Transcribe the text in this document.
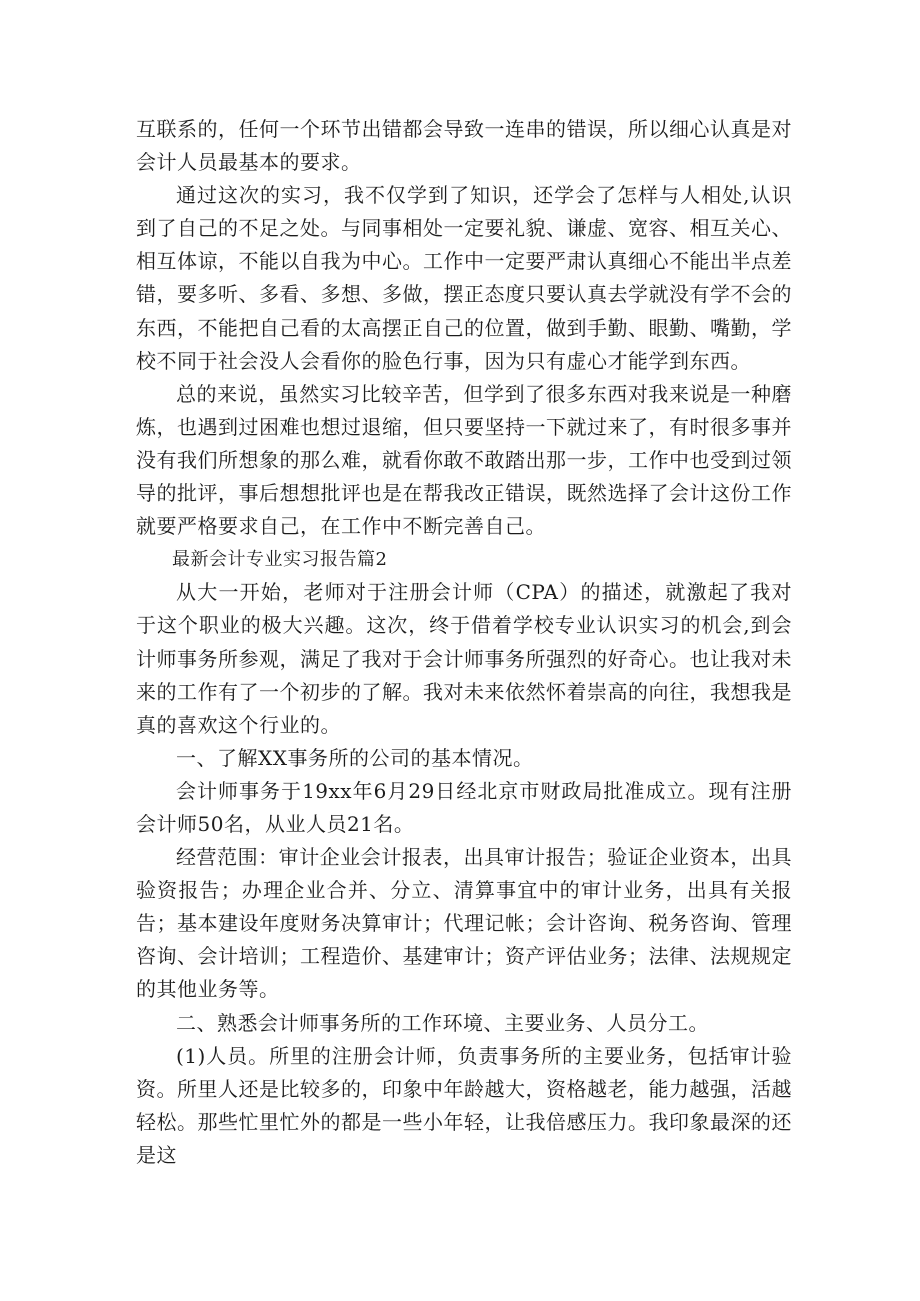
互联系的，任何一个环节出错都会导致一连串的错误，所以细心认真是对会计人员最基本的要求。

通过这次的实习，我不仅学到了知识，还学会了怎样与人相处,认识到了自己的不足之处。与同事相处一定要礼貌、谦虚、宽容、相互关心、相互体谅，不能以自我为中心。工作中一定要严肃认真细心不能出半点差错，要多听、多看、多想、多做，摆正态度只要认真去学就没有学不会的东西，不能把自己看的太高摆正自己的位置，做到手勤、眼勤、嘴勤，学校不同于社会没人会看你的脸色行事，因为只有虚心才能学到东西。

总的来说，虽然实习比较辛苦，但学到了很多东西对我来说是一种磨炼，也遇到过困难也想过退缩，但只要坚持一下就过来了，有时很多事并没有我们所想象的那么难，就看你敢不敢踏出那一步，工作中也受到过领导的批评，事后想想批评也是在帮我改正错误，既然选择了会计这份工作就要严格要求自己，在工作中不断完善自己。

最新会计专业实习报告篇2

从大一开始，老师对于注册会计师（CPA）的描述，就激起了我对于这个职业的极大兴趣。这次，终于借着学校专业认识实习的机会,到会计师事务所参观，满足了我对于会计师事务所强烈的好奇心。也让我对未来的工作有了一个初步的了解。我对未来依然怀着崇高的向往，我想我是真的喜欢这个行业的。

一、了解XX事务所的公司的基本情况。

会计师事务于19xx年6月29日经北京市财政局批准成立。现有注册会计师50名，从业人员21名。

经营范围：审计企业会计报表，出具审计报告；验证企业资本，出具验资报告；办理企业合并、分立、清算事宜中的审计业务，出具有关报告；基本建设年度财务决算审计；代理记帐；会计咨询、税务咨询、管理咨询、会计培训；工程造价、基建审计；资产评估业务；法律、法规规定的其他业务等。

二、熟悉会计师事务所的工作环境、主要业务、人员分工。

(1)人员。所里的注册会计师，负责事务所的主要业务，包括审计验资。所里人还是比较多的，印象中年龄越大，资格越老，能力越强，活越轻松。那些忙里忙外的都是一些小年轻，让我倍感压力。我印象最深的还是这
